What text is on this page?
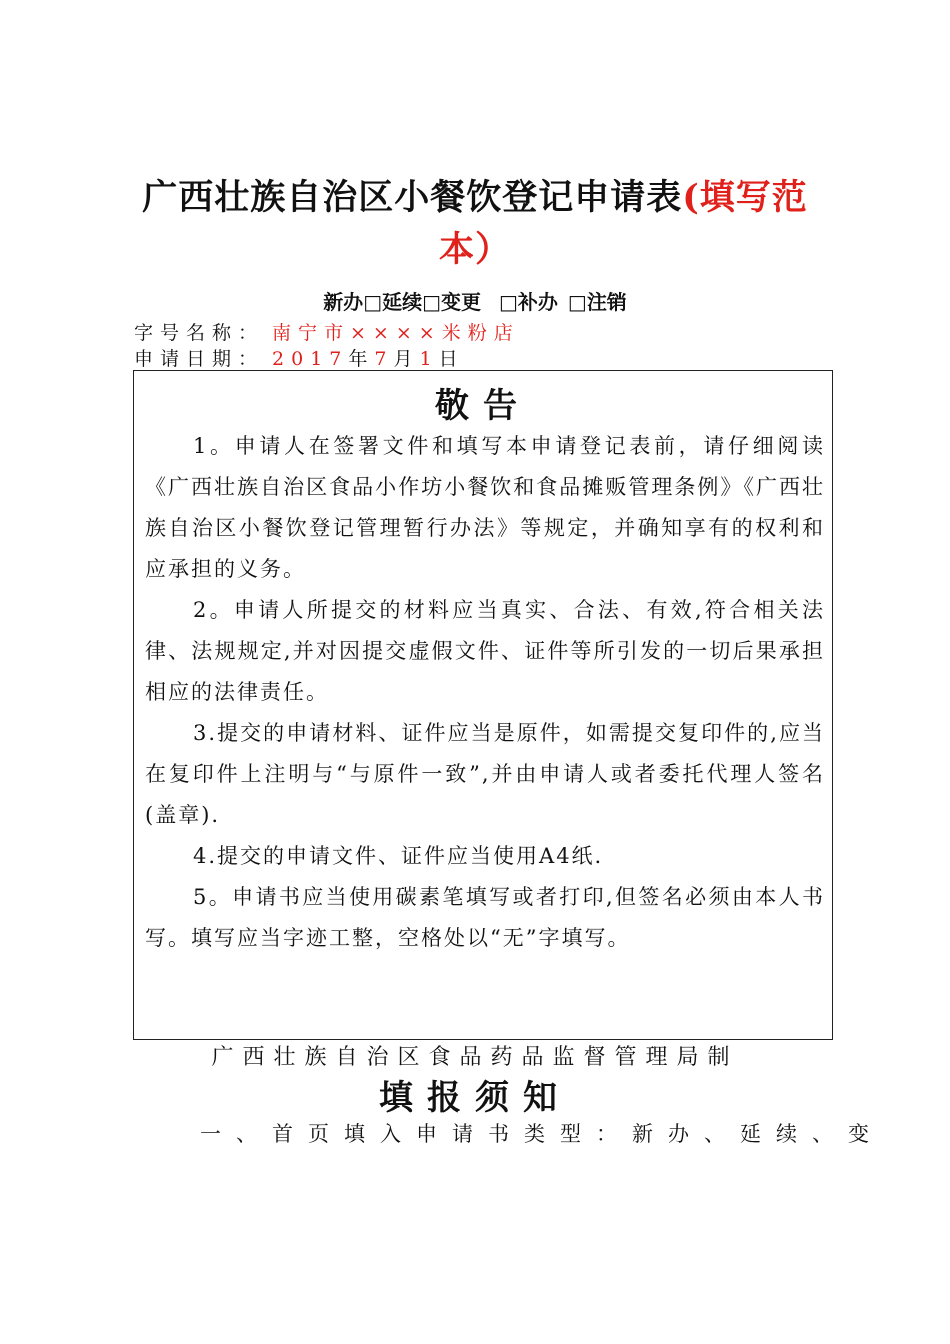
广西壮族自治区小餐饮登记申请表(填写范
本）
新办□延续□变更 □补办 □注销
字号名称： 南宁市××××米粉店
申请日期： 2017年7月1日
敬告

1。申请人在签署文件和填写本申请登记表前，请仔细阅读《广西壮族自治区食品小作坊小餐饮和食品摊贩管理条例》《广西壮族自治区小餐饮登记管理暂行办法》等规定，并确知享有的权利和应承担的义务。

2。申请人所提交的材料应当真实、合法、有效,符合相关法律、法规规定,并对因提交虚假文件、证件等所引发的一切后果承担相应的法律责任。

3.提交的申请材料、证件应当是原件，如需提交复印件的,应当在复印件上注明与“与原件一致”,并由申请人或者委托代理人签名(盖章).

4.提交的申请文件、证件应当使用A4纸.

5。申请书应当使用碳素笔填写或者打印,但签名必须由本人书写。填写应当字迹工整，空格处以“无”字填写。

广西壮族自治区食品药品监督管理局制
填报须知
一、首页填入申请书类型：新办、延续、变
